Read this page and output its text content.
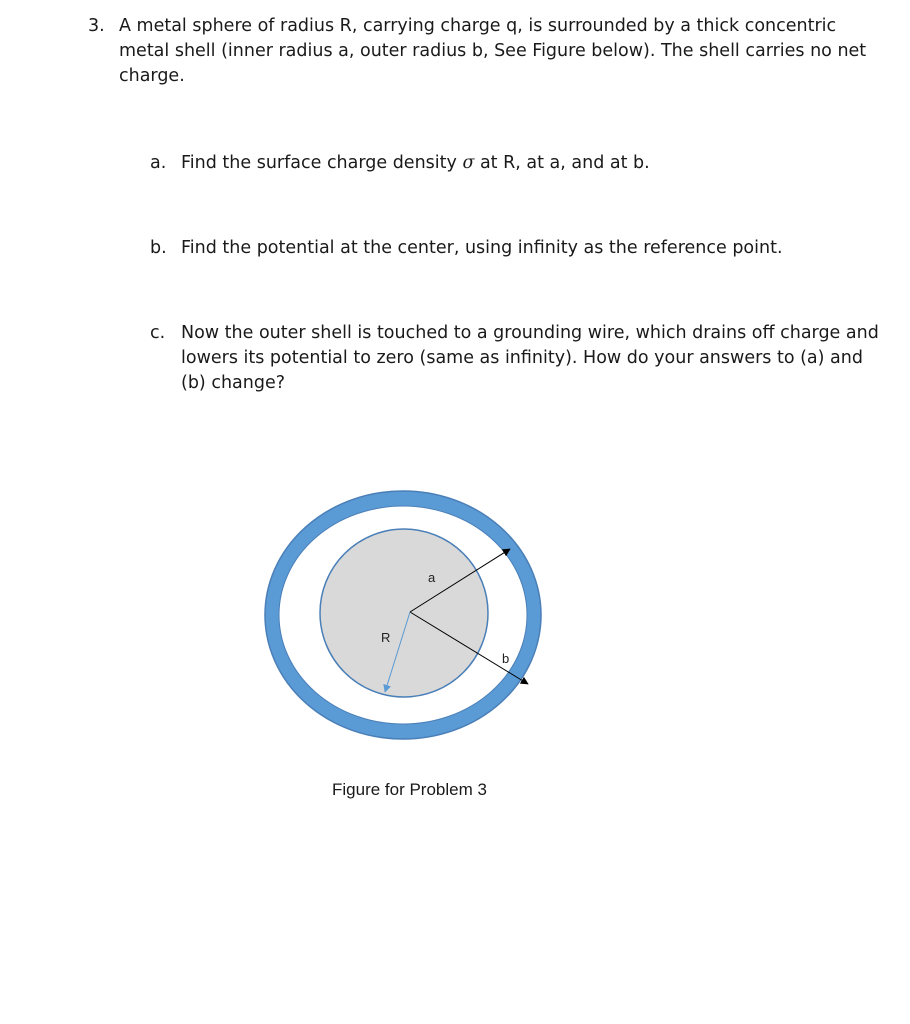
3. A metal sphere of radius R, carrying charge q, is surrounded by a thick concentric metal shell (inner radius a, outer radius b, See Figure below). The shell carries no net charge.
a. Find the surface charge density σ at R, at a, and at b.
b. Find the potential at the center, using infinity as the reference point.
c. Now the outer shell is touched to a grounding wire, which drains off charge and lowers its potential to zero (same as infinity). How do your answers to (a) and (b) change?
a
R
b
Figure for Problem 3
